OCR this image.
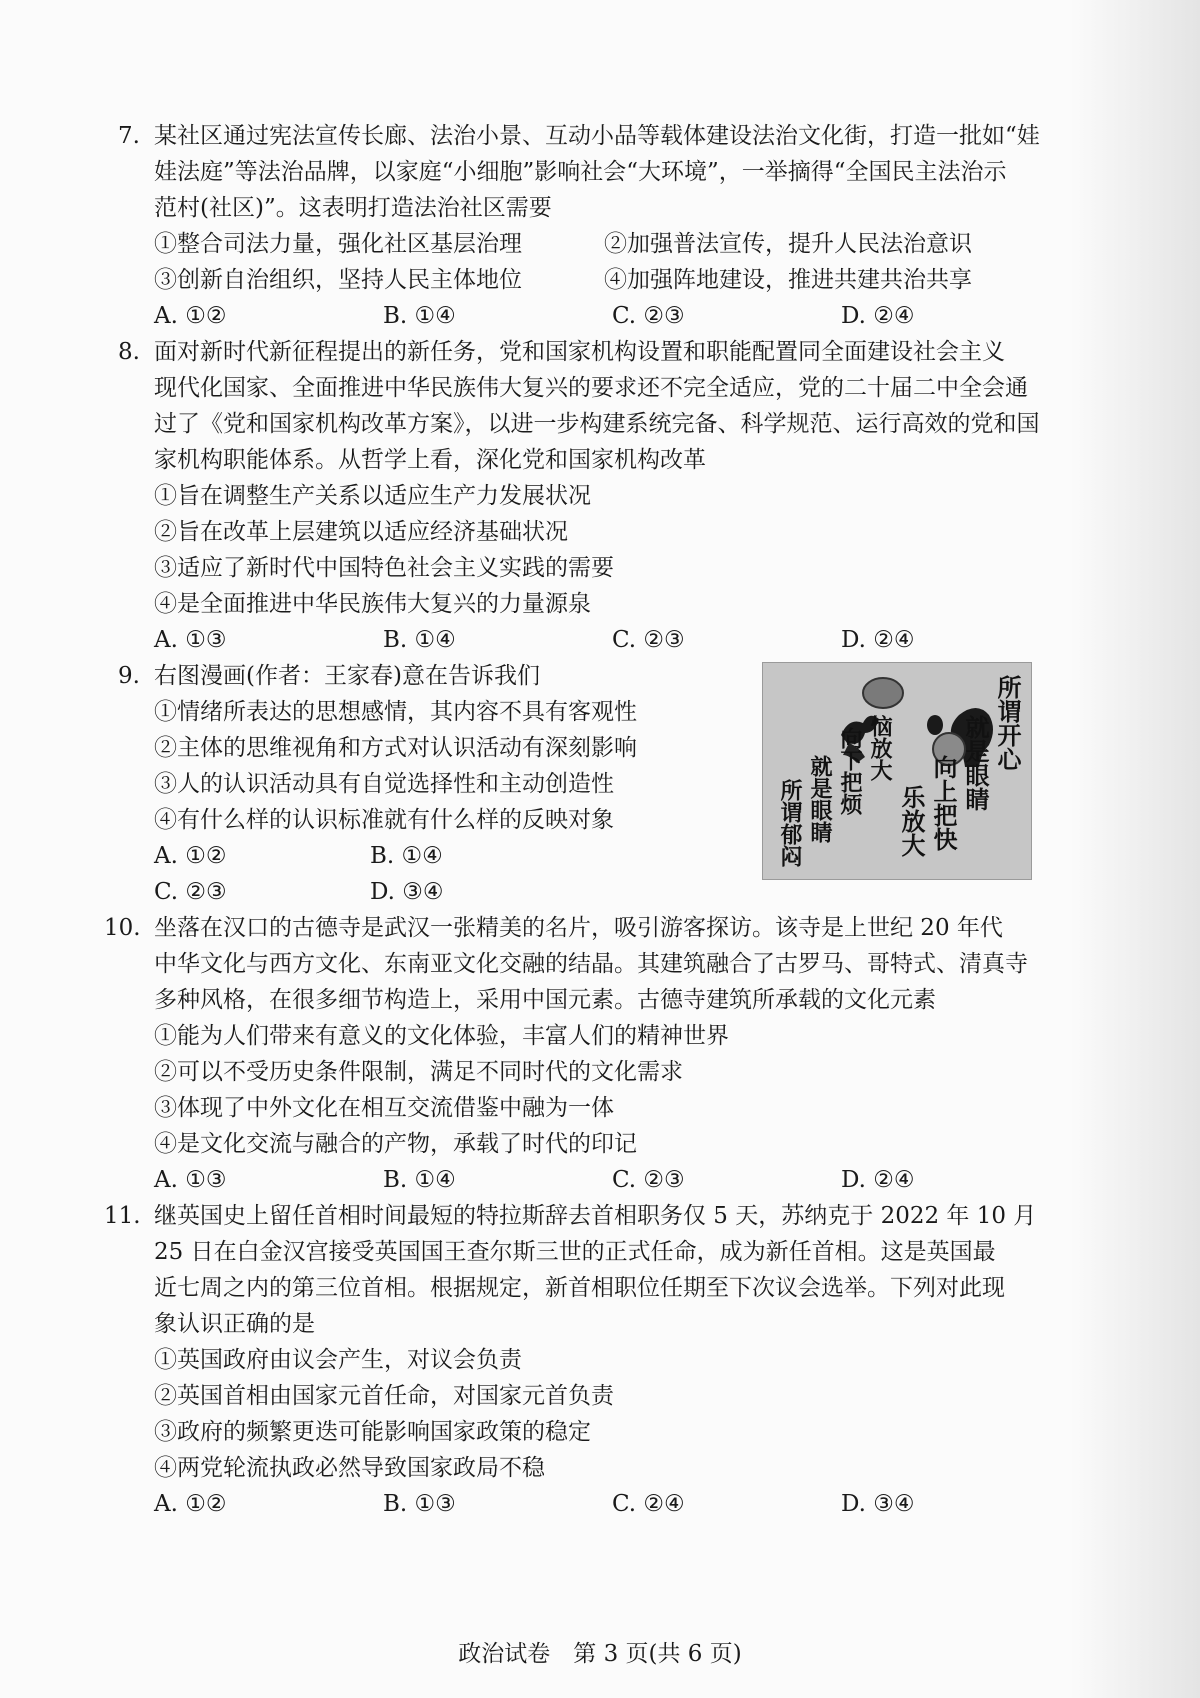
7. 某社区通过宪法宣传长廊、法治小景、互动小品等载体建设法治文化街，打造一批如“娃
娃法庭”等法治品牌，以家庭“小细胞”影响社会“大环境”，一举摘得“全国民主法治示
范村(社区)”。这表明打造法治社区需要
①整合司法力量，强化社区基层治理	②加强普法宣传，提升人民法治意识
③创新自治组织，坚持人民主体地位	④加强阵地建设，推进共建共治共享
A. ①②	B. ①④	C. ②③	D. ②④
8. 面对新时代新征程提出的新任务，党和国家机构设置和职能配置同全面建设社会主义
现代化国家、全面推进中华民族伟大复兴的要求还不完全适应，党的二十届二中全会通
过了《党和国家机构改革方案》，以进一步构建系统完备、科学规范、运行高效的党和国
家机构职能体系。从哲学上看，深化党和国家机构改革
①旨在调整生产关系以适应生产力发展状况
②旨在改革上层建筑以适应经济基础状况
③适应了新时代中国特色社会主义实践的需要
④是全面推进中华民族伟大复兴的力量源泉
A. ①③	B. ①④	C. ②③	D. ②④
9. 右图漫画(作者：王家春)意在告诉我们
①情绪所表达的思想感情，其内容不具有客观性
②主体的思维视角和方式对认识活动有深刻影响
③人的认识活动具有自觉选择性和主动创造性
④有什么样的认识标准就有什么样的反映对象
A. ①②	B. ①④
C. ②③	D. ③④
所谓开心
就是眼睛
向上把快
乐放大
所谓郁闷 就是眼睛 向下把烦 恼放大
10. 坐落在汉口的古德寺是武汉一张精美的名片，吸引游客探访。该寺是上世纪 20 年代
中华文化与西方文化、东南亚文化交融的结晶。其建筑融合了古罗马、哥特式、清真寺
多种风格，在很多细节构造上，采用中国元素。古德寺建筑所承载的文化元素
①能为人们带来有意义的文化体验，丰富人们的精神世界
②可以不受历史条件限制，满足不同时代的文化需求
③体现了中外文化在相互交流借鉴中融为一体
④是文化交流与融合的产物，承载了时代的印记
A. ①③	B. ①④	C. ②③	D. ②④
11. 继英国史上留任首相时间最短的特拉斯辞去首相职务仅 5 天，苏纳克于 2022 年 10 月
25 日在白金汉宫接受英国国王查尔斯三世的正式任命，成为新任首相。这是英国最
近七周之内的第三位首相。根据规定，新首相职位任期至下次议会选举。下列对此现
象认识正确的是
①英国政府由议会产生，对议会负责
②英国首相由国家元首任命，对国家元首负责
③政府的频繁更迭可能影响国家政策的稳定
④两党轮流执政必然导致国家政局不稳
A. ①②	B. ①③	C. ②④	D. ③④
政治试卷　第 3 页(共 6 页)
